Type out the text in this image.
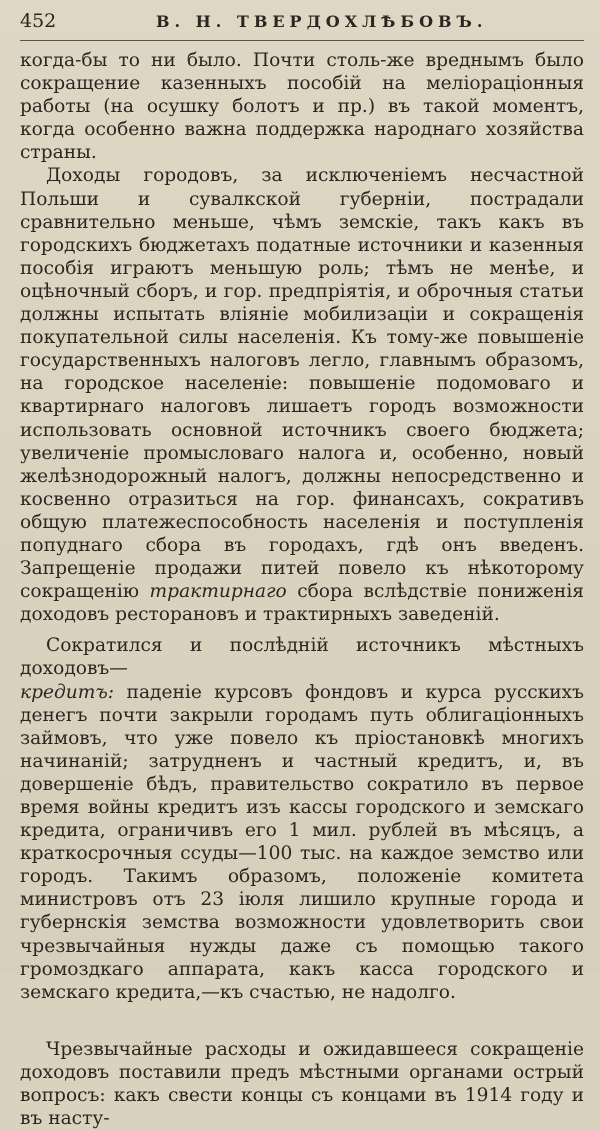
452	В. Н. ТВЕРДОХЛѢБОВЪ.

когда-бы то ни было. Почти столь-же вреднымъ было сокращение казенныхъ пособій на меліораціонныя работы (на осушку болотъ и пр.) въ такой моментъ, когда особенно важна поддержка народнаго хозяйства страны.

Доходы городовъ, за исключеніемъ несчастной Польши и сувалкской губерніи, пострадали сравнительно меньше, чѣмъ земскіе, такъ какъ въ городскихъ бюджетахъ податные источники и казенныя пособія играютъ меньшую роль; тѣмъ не менѣе, и оцѣночный сборъ, и гор. предпріятія, и оброчныя статьи должны испытать вліяніе мобилизаціи и сокращенія покупательной силы населенія. Къ тому-же повышеніе государственныхъ налоговъ легло, главнымъ образомъ, на городское населеніе: повышеніе подомоваго и квартирнаго налоговъ лишаетъ городъ возможности использовать основной источникъ своего бюджета; увеличеніе промысловаго налога и, особенно, новый желѣзнодорожный налогъ, должны непосредственно и косвенно отразиться на гор. финансахъ, сокративъ общую платежеспособность населенія и поступленія попуднаго сбора въ городахъ, гдѣ онъ введенъ. Запрещеніе продажи питей повело къ нѣкоторому сокращенію трактирнаго сбора вслѣдствіе пониженія доходовъ ресторановъ и трактирныхъ заведеній.

Сократился и послѣдній источникъ мѣстныхъ доходовъ—
кредитъ: паденіе курсовъ фондовъ и курса русскихъ денегъ почти закрыли городамъ путь облигаціонныхъ займовъ, что уже повело къ пріостановкѣ многихъ начинаній; затрудненъ и частный кредитъ, и, въ довершеніе бѣдъ, правительство сократило въ первое время войны кредитъ изъ кассы городского и земскаго кредита, ограничивъ его 1 мил. рублей въ мѣсяцъ, а краткосрочныя ссуды—100 тыс. на каждое земство или городъ. Такимъ образомъ, положеніе комитета министровъ отъ 23 іюля лишило крупные города и губернскія земства возможности удовлетворить свои чрезвычайныя нужды даже съ помощью такого громоздкаго аппарата, какъ касса городского и земскаго кредита,—къ счастью, не надолго.

Чрезвычайные расходы и ожидавшееся сокращеніе доходовъ поставили предъ мѣстными органами острый вопросъ: какъ свести концы съ концами въ 1914 году и въ насту-
